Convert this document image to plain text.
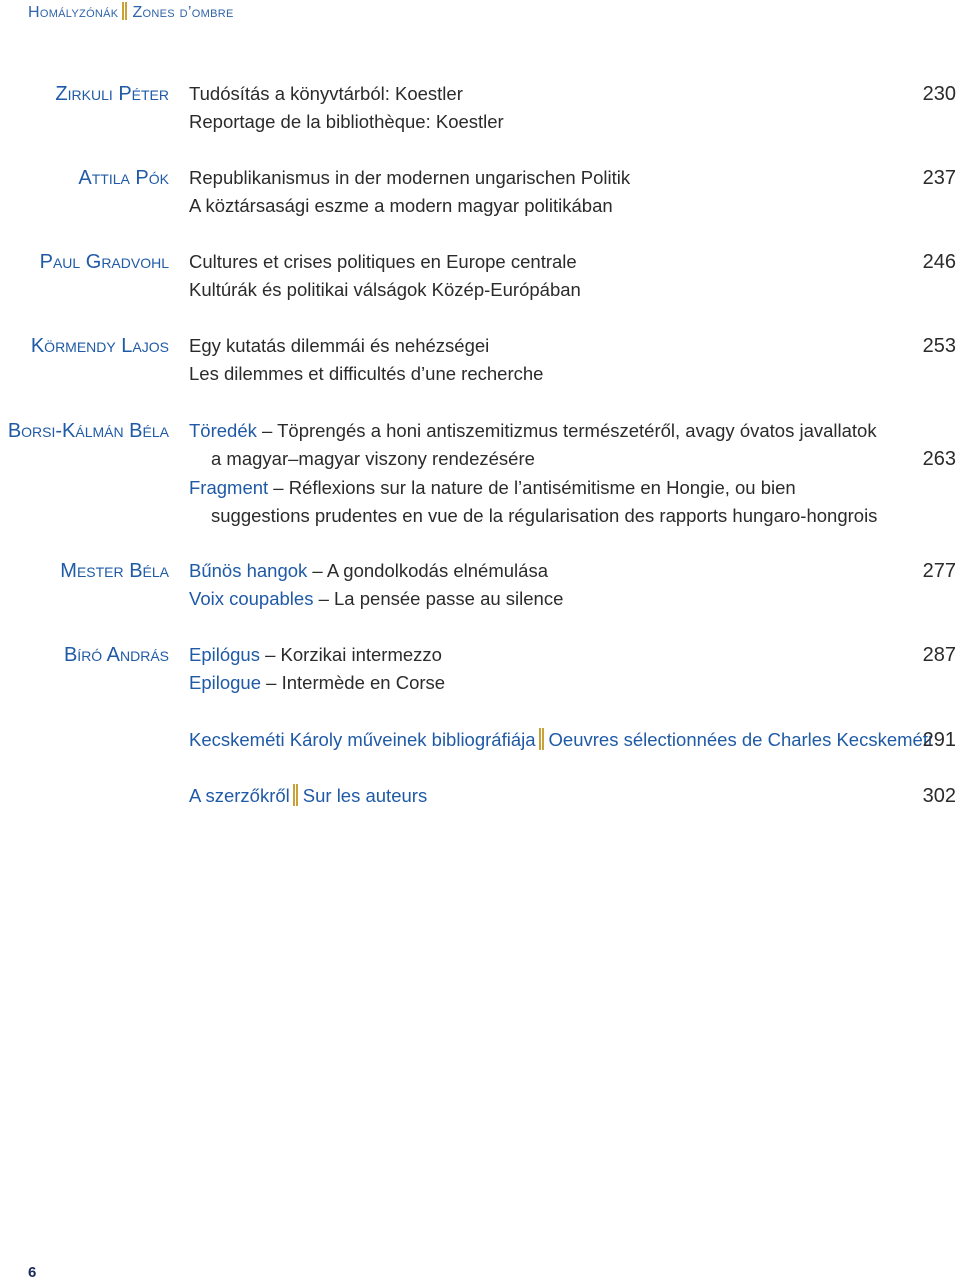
Homályzónák Zones d’ombre
Zirkuli Péter Tudósítás a könyvtárból: Koestler
Reportage de la bibliothèque: Koestler
230
Attila Pók Republikanismus in der modernen ungarischen Politik
A köztársasági eszme a modern magyar politikában
237
Paul Gradvohl Cultures et crises politiques en Europe centrale
Kultúrák és politikai válságok Közép-Európában
246
Körmendy Lajos Egy kutatás dilemmái és nehézségei
Les dilemmes et difficultés d’une recherche
253
Borsi-Kálmán Béla Töredék – Töprengés a honi antiszemitizmus természetéről, avagy óvatos javallatok
a magyar–magyar viszony rendezésére
Fragment – Réflexions sur la nature de l’antisémitisme en Hongie, ou bien
suggestions prudentes en vue de la régularisation des rapports hungaro-hongrois
263
Mester Béla Bűnös hangok – A gondolkodás elnémulása
Voix coupables – La pensée passe au silence
277
Bíró András Epilógus – Korzikai intermezzo
Epilogue – Intermède en Corse
287
Kecskeméti Károly műveinek bibliográfiája Oeuvres sélectionnées de Charles Kecskeméti
291
A szerzőkről Sur les auteurs	302
6
